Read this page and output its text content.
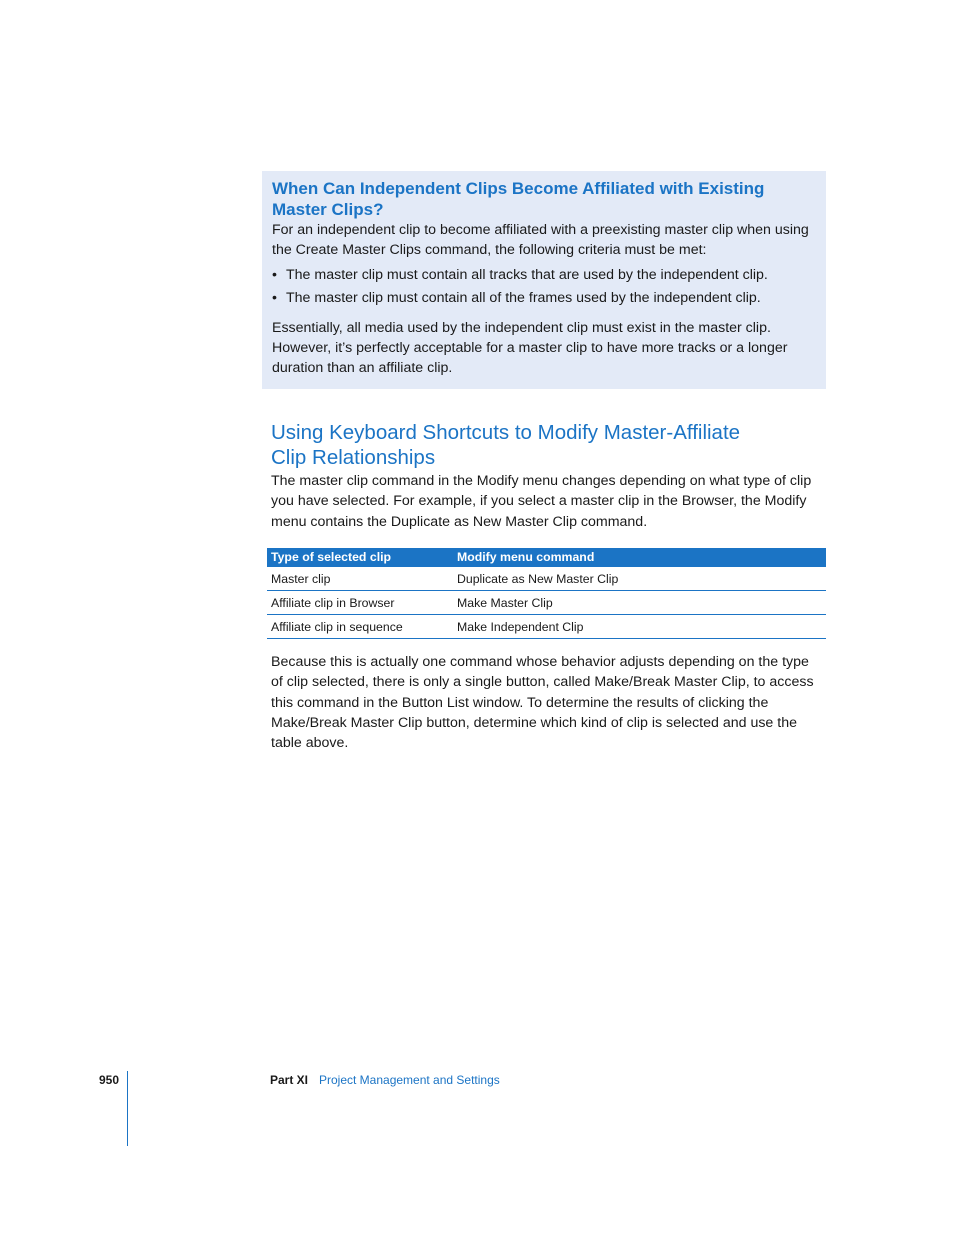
When Can Independent Clips Become Affiliated with Existing Master Clips?

For an independent clip to become affiliated with a preexisting master clip when using the Create Master Clips command, the following criteria must be met:

• The master clip must contain all tracks that are used by the independent clip.
• The master clip must contain all of the frames used by the independent clip.

Essentially, all media used by the independent clip must exist in the master clip. However, it’s perfectly acceptable for a master clip to have more tracks or a longer duration than an affiliate clip.

Using Keyboard Shortcuts to Modify Master-Affiliate Clip Relationships

The master clip command in the Modify menu changes depending on what type of clip you have selected. For example, if you select a master clip in the Browser, the Modify menu contains the Duplicate as New Master Clip command.

Type of selected clip	Modify menu command
Master clip	Duplicate as New Master Clip
Affiliate clip in Browser	Make Master Clip
Affiliate clip in sequence	Make Independent Clip

Because this is actually one command whose behavior adjusts depending on the type of clip selected, there is only a single button, called Make/Break Master Clip, to access this command in the Button List window. To determine the results of clicking the Make/Break Master Clip button, determine which kind of clip is selected and use the table above.

950	Part XI Project Management and Settings
